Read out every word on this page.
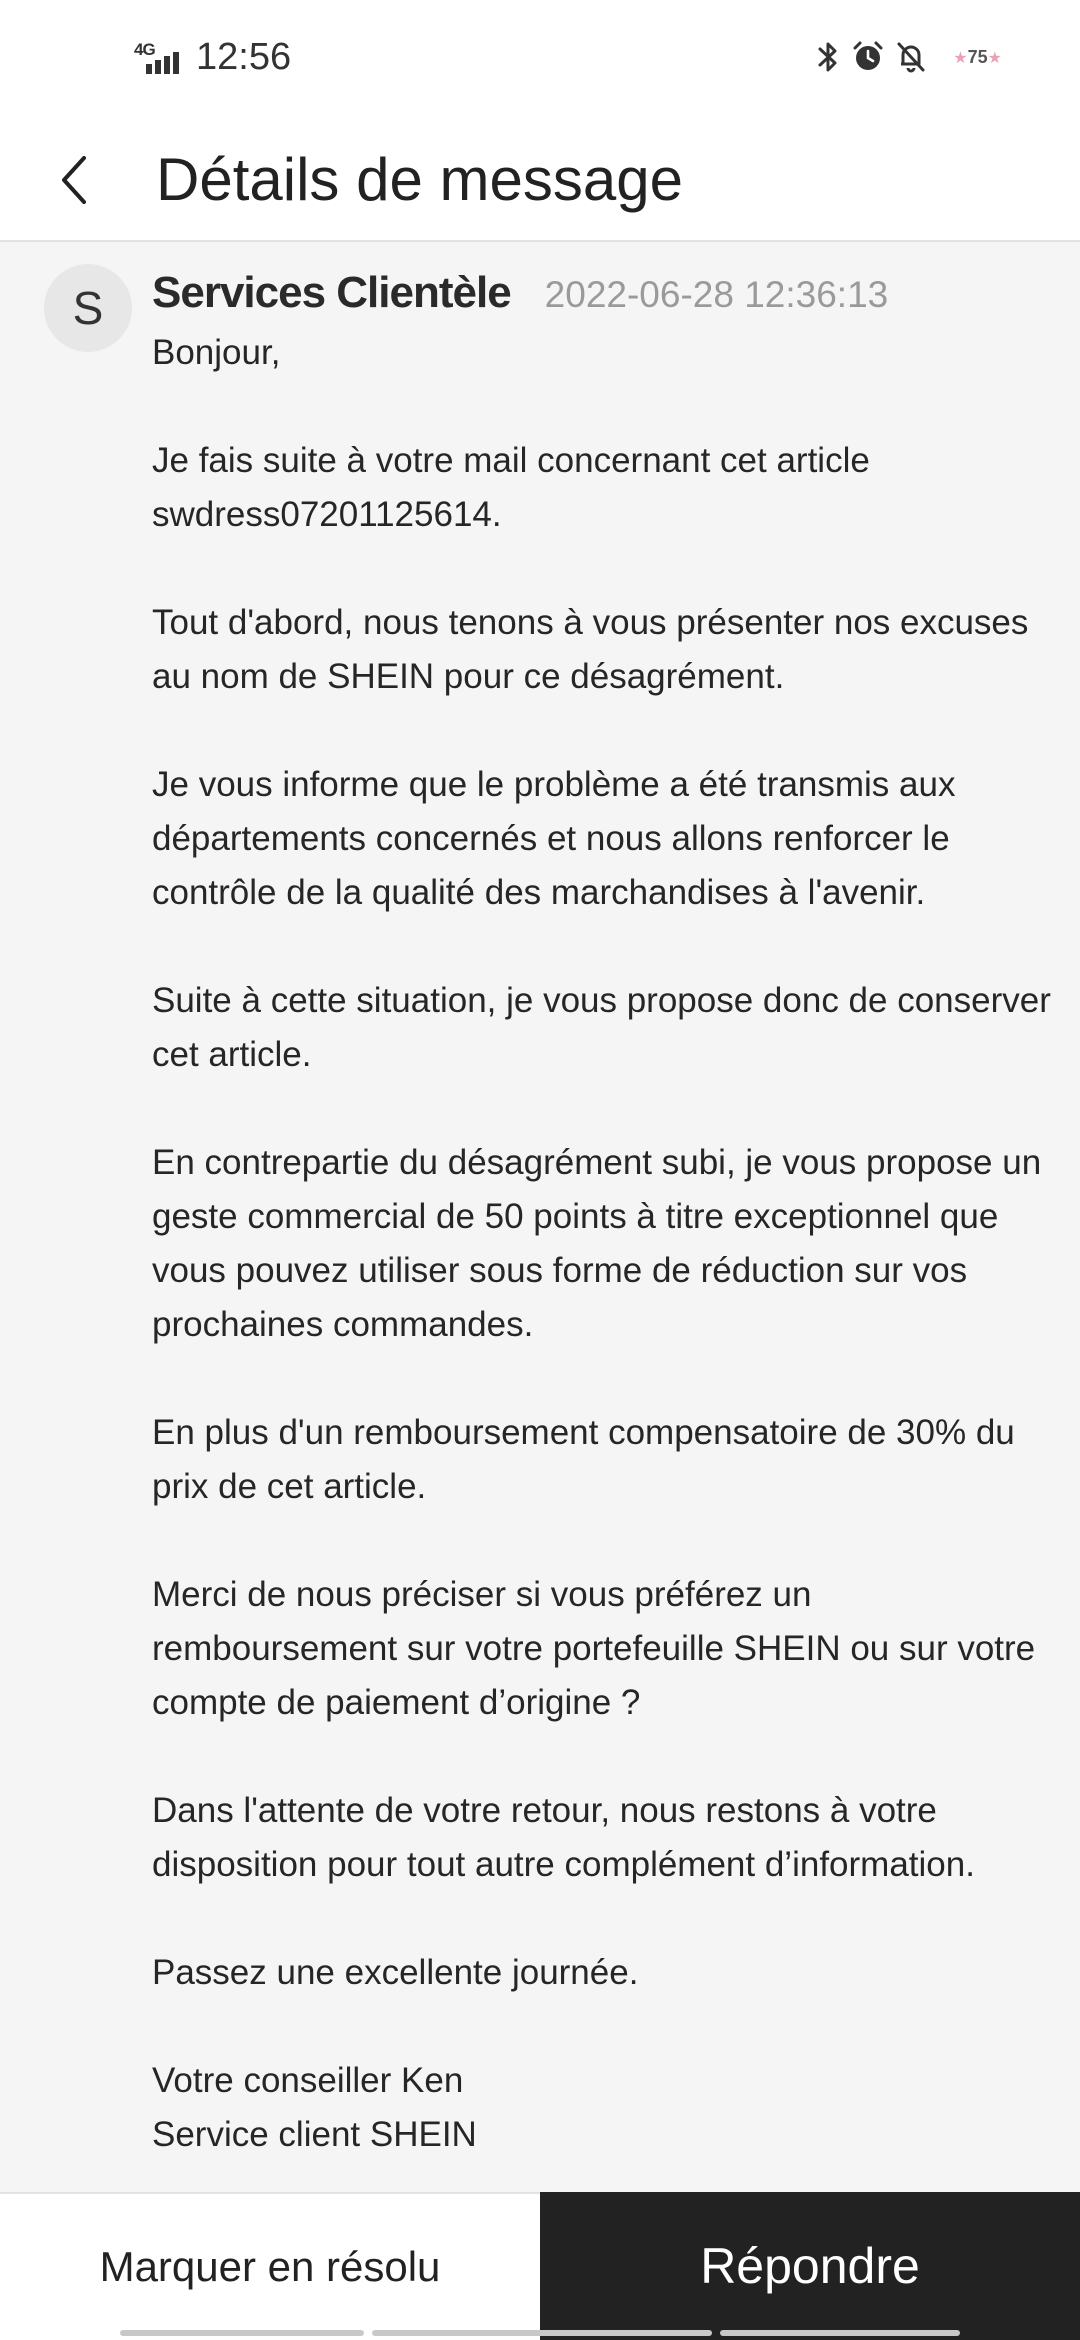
4G 12:56	★75★
Détails de message
S	Services Clientèle 2022-06-28 12:36:13

Bonjour,

Je fais suite à votre mail concernant cet article swdress07201125614.

Tout d'abord, nous tenons à vous présenter nos excuses au nom de SHEIN pour ce désagrément.

Je vous informe que le problème a été transmis aux départements concernés et nous allons renforcer le contrôle de la qualité des marchandises à l'avenir.

Suite à cette situation, je vous propose donc de conserver cet article.

En contrepartie du désagrément subi, je vous propose un geste commercial de 50 points à titre exceptionnel que vous pouvez utiliser sous forme de réduction sur vos prochaines commandes.

En plus d'un remboursement compensatoire de 30% du prix de cet article.

Merci de nous préciser si vous préférez un remboursement sur votre portefeuille SHEIN ou sur votre compte de paiement d’origine ?

Dans l'attente de votre retour, nous restons à votre disposition pour tout autre complément d’information.

Passez une excellente journée.

Votre conseiller Ken

Service client SHEIN

Marquer en résolu	Répondre
